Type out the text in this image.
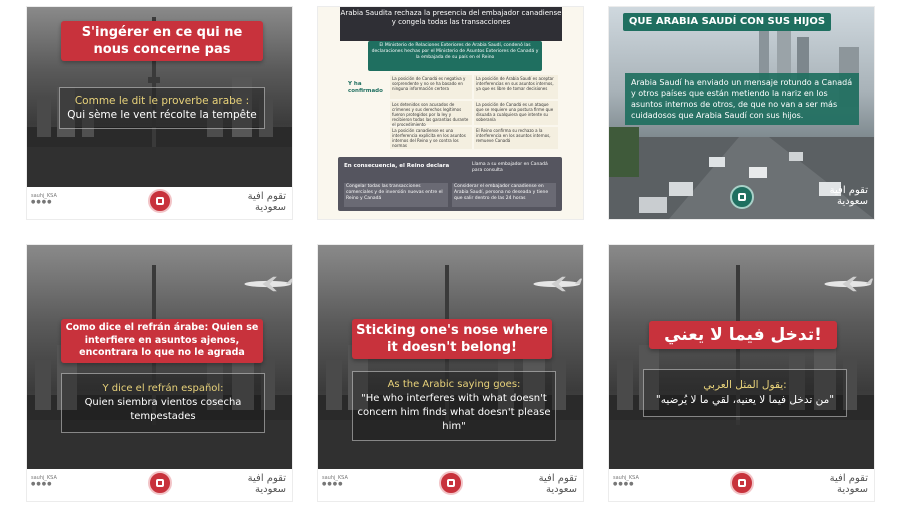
S'ingérer en ce qui ne nous concerne pas
Comme le dit le proverbe arabe :
Qui sème le vent récolte la tempête
sauhj_KSA
●●●●	تقوم افية
سعودية
Arabia Saudita rechaza la presencia del embajador canadiense y congela todas las transacciones
El Ministerio de Relaciones Exteriores de Arabia Saudí, condenó las declaraciones hechas por el Ministerio de Asuntos Exteriores de Canadá y la embajada de su país en el Reino
Y ha confirmado
La posición de Canadá es negativa y sorprendente y no se ha basado en ninguna información certera
La posición de Arabia Saudí es aceptar interferencias en sus asuntos internos, ya que es libre de tomar decisiones
Los detenidos son acusados de crímenes y sus derechos legítimos fueron protegidos por la ley y recibieron todas las garantías durante el procedimiento
La posición de Canadá es un ataque que se requiere una postura firme que disuada a cualquiera que intente su soberanía
La posición canadiense es una interferencia explícita en los asuntos internos del Reino y se contra los normas
El Reino confirma su rechazo a la interferencia en los asuntos internos, remueve Canadá
En consecuencia, el Reino declara	Llama a su embajador en Canadá para consulta
Congelar todas las transacciones comerciales y de inversión nuevas entre el Reino y Canadá
Considerar el embajador canadiense en Arabia Saudí, persona no deseada y tiene que salir dentro de las 24 horas
QUE ARABIA SAUDÍ CON SUS HIJOS
Arabia Saudí ha enviado un mensaje rotundo a Canadá y otros países que están metiendo la nariz en los asuntos internos de otros, de que no van a ser más cuidadosos que Arabia Saudí con sus hijos.
تقوم افية
سعودية
Como dice el refrán árabe: Quien se interfiere en asuntos ajenos, encontrara lo que no le agrada
Y dice el refrán español:
Quien siembra vientos cosecha tempestades
sauhj_KSA
●●●●	تقوم افية
سعودية
Sticking one's nose where it doesn't belong!
As the Arabic saying goes:
"He who interferes with what doesn't concern him finds what doesn't please him"
sauhj_KSA
●●●●	تقوم افية
سعودية
!تدخل فيما لا يعني
:يقول المثل العربي
"من تدخل فيما لا يعنيه، لقي ما لا يُرضيه"
sauhj_KSA
●●●●	تقوم افية
سعودية
